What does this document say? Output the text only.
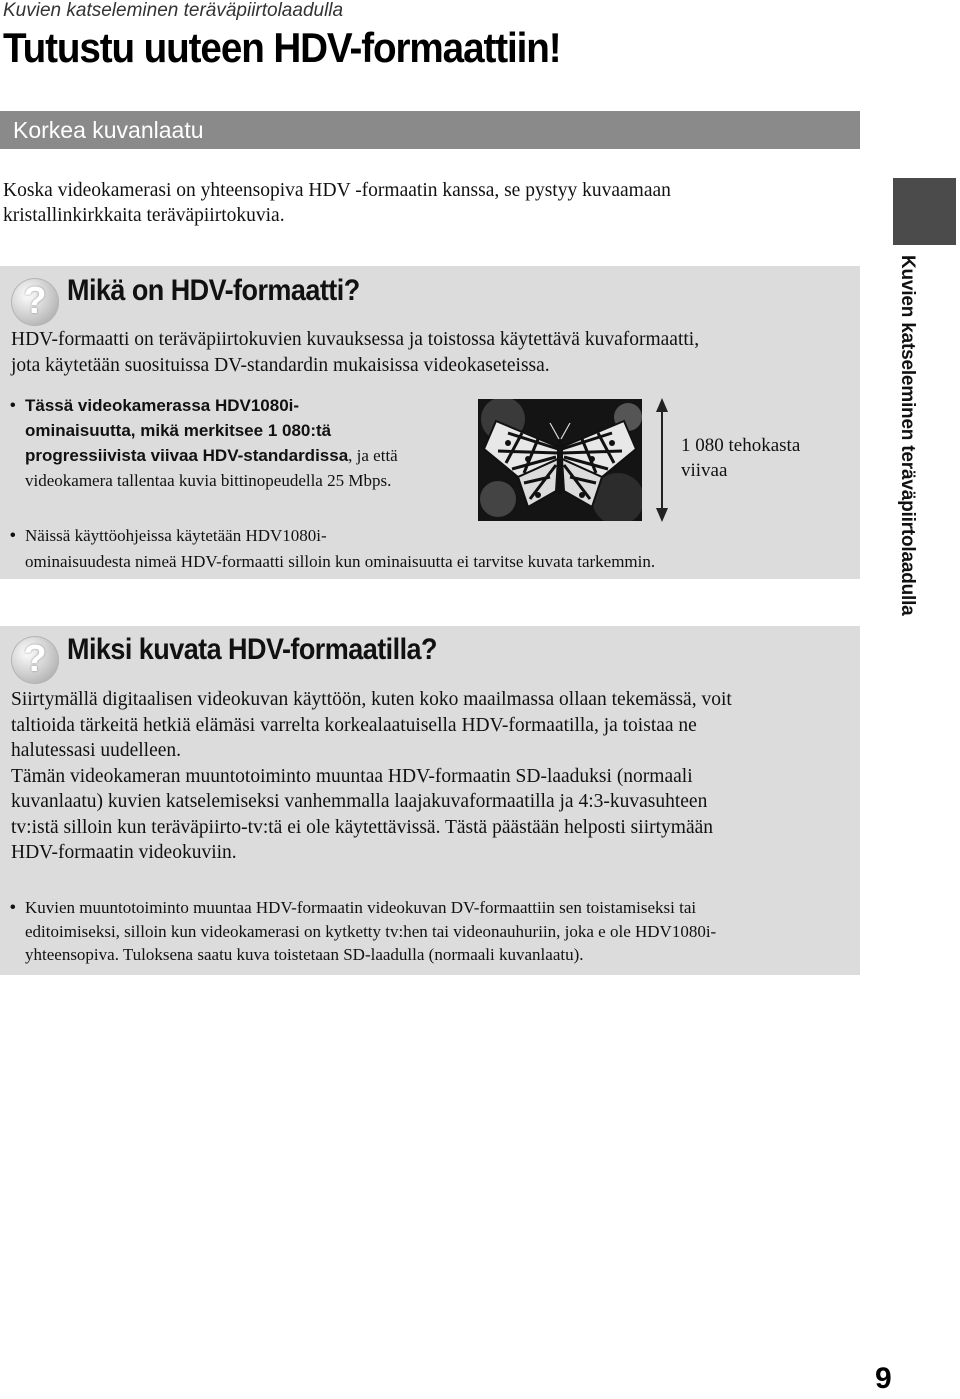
Kuvien katseleminen teräväpiirtolaadulla
Tutustu uuteen HDV-formaattiin!
Korkea kuvanlaatu

Koska videokamerasi on yhteensopiva HDV -formaatin kanssa, se pystyy kuvaamaan
kristallinkirkkaita teräväpiirtokuvia.

? Mikä on HDV-formaatti?

HDV-formaatti on teräväpiirtokuvien kuvauksessa ja toistossa käytettävä kuvaformaatti,
jota käytetään suosituissa DV-standardin mukaisissa videokaseteissa.

• Tässä videokamerassa HDV1080i-
ominaisuutta, mikä merkitsee 1 080:tä
progressiivista viivaa HDV-standardissa, ja että
videokamera tallentaa kuvia bittinopeudella 25 Mbps.

• Näissä käyttöohjeissa käytetään HDV1080i-
ominaisuudesta nimeä HDV-formaatti silloin kun ominaisuutta ei tarvitse kuvata tarkemmin.

1 080 tehokasta
viivaa

? Miksi kuvata HDV-formaatilla?

Siirtymällä digitaalisen videokuvan käyttöön, kuten koko maailmassa ollaan tekemässä, voit
taltioida tärkeitä hetkiä elämäsi varrelta korkealaatuisella HDV-formaatilla, ja toistaa ne
halutessasi uudelleen.
Tämän videokameran muuntotoiminto muuntaa HDV-formaatin SD-laaduksi (normaali
kuvanlaatu) kuvien katselemiseksi vanhemmalla laajakuvaformaatilla ja 4:3-kuvasuhteen
tv:istä silloin kun teräväpiirto-tv:tä ei ole käytettävissä. Tästä päästään helposti siirtymään
HDV-formaatin videokuviin.

• Kuvien muuntotoiminto muuntaa HDV-formaatin videokuvan DV-formaattiin sen toistamiseksi tai
editoimiseksi, silloin kun videokamerasi on kytketty tv:hen tai videonauhuriin, joka e ole HDV1080i-
yhteensopiva. Tuloksena saatu kuva toistetaan SD-laadulla (normaali kuvanlaatu).

Kuvien katseleminen teräväpiirtolaadulla
9
